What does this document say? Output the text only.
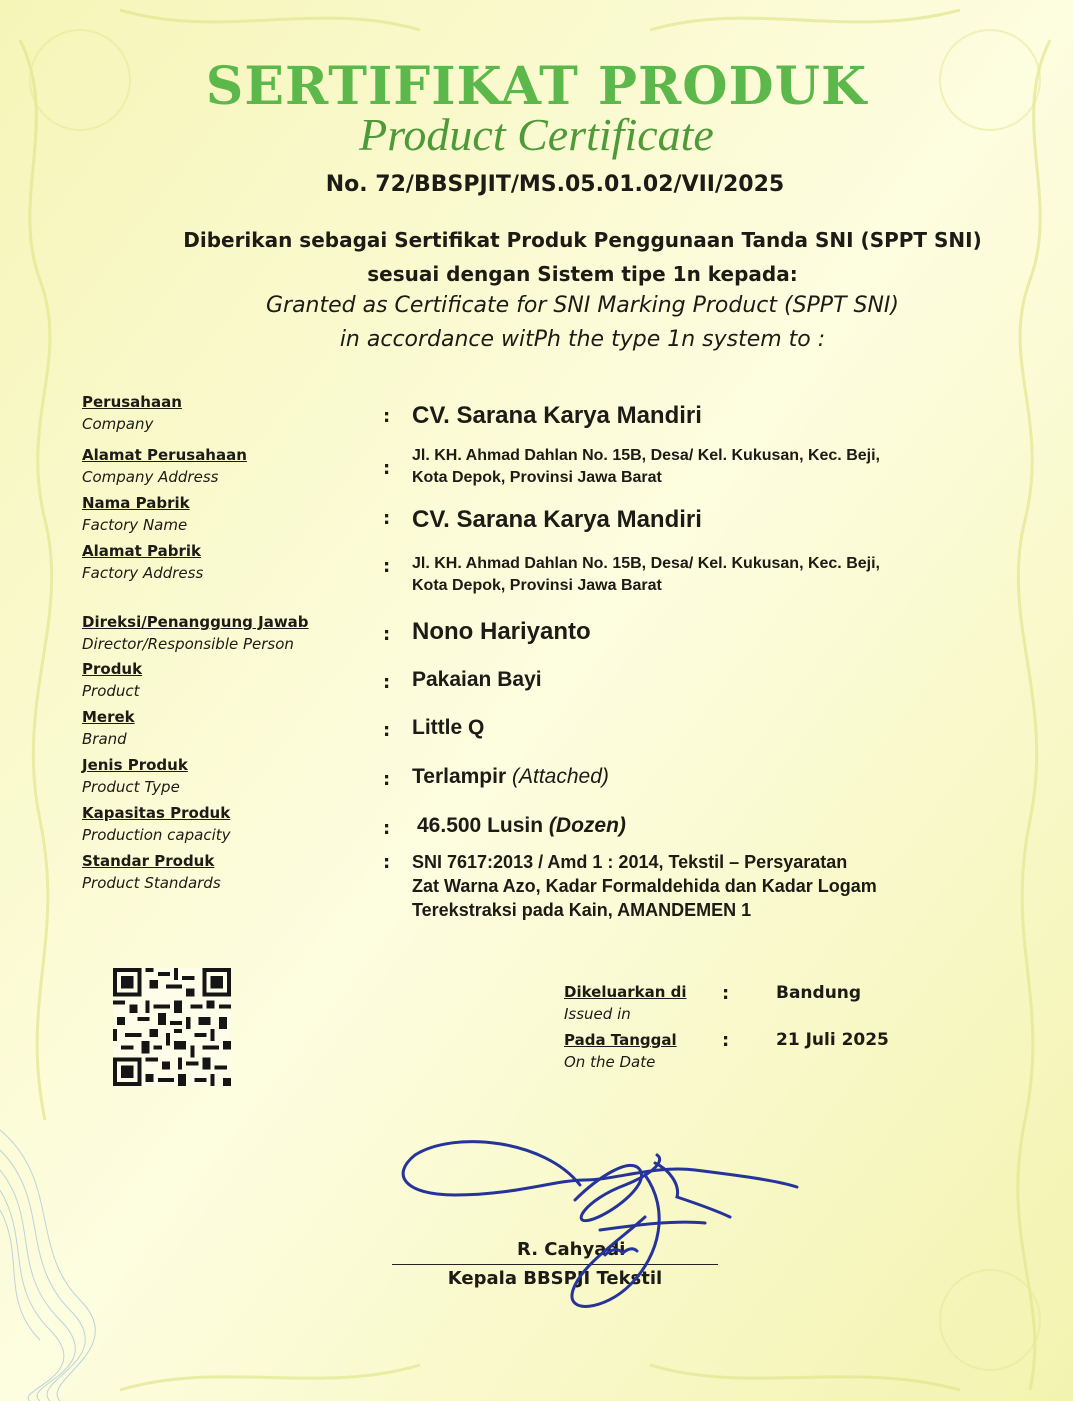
SERTIFIKAT PRODUK
Product Certificate
No. 72/BBSPJIT/MS.05.01.02/VII/2025
Diberikan sebagai Sertifikat Produk Penggunaan Tanda SNI (SPPT SNI)
sesuai dengan Sistem tipe 1n kepada:
Granted as Certificate for SNI Marking Product (SPPT SNI)
in accordance witPh the type 1n system to :
Perusahaan
Company	: CV. Sarana Karya Mandiri
Alamat Perusahaan
Company Address	:
Jl. KH. Ahmad Dahlan No. 15B, Desa/ Kel. Kukusan, Kec. Beji,
Kota Depok, Provinsi Jawa Barat
Nama Pabrik
Factory Name	: CV. Sarana Karya Mandiri
Alamat Pabrik
Factory Address	: Jl. KH. Ahmad Dahlan No. 15B, Desa/ Kel. Kukusan, Kec. Beji,
Kota Depok, Provinsi Jawa Barat
Direksi/Penanggung Jawab
Director/Responsible Person	: Nono Hariyanto
Produk
Product	: Pakaian Bayi
Merek
Brand	: Little Q
Jenis Produk
Product Type	: Terlampir (Attached)
Kapasitas Produk
Production capacity	: 46.500 Lusin (Dozen)
Standar Produk
Product Standards
: SNI 7617:2013 / Amd 1 : 2014, Tekstil – Persyaratan
Zat Warna Azo, Kadar Formaldehida dan Kadar Logam
Terekstraksi pada Kain, AMANDEMEN 1
Dikeluarkan di
Issued in
:	Bandung
Pada Tanggal
On the Date
:	21 Juli 2025
R. Cahyadi
Kepala BBSPJI Tekstil
